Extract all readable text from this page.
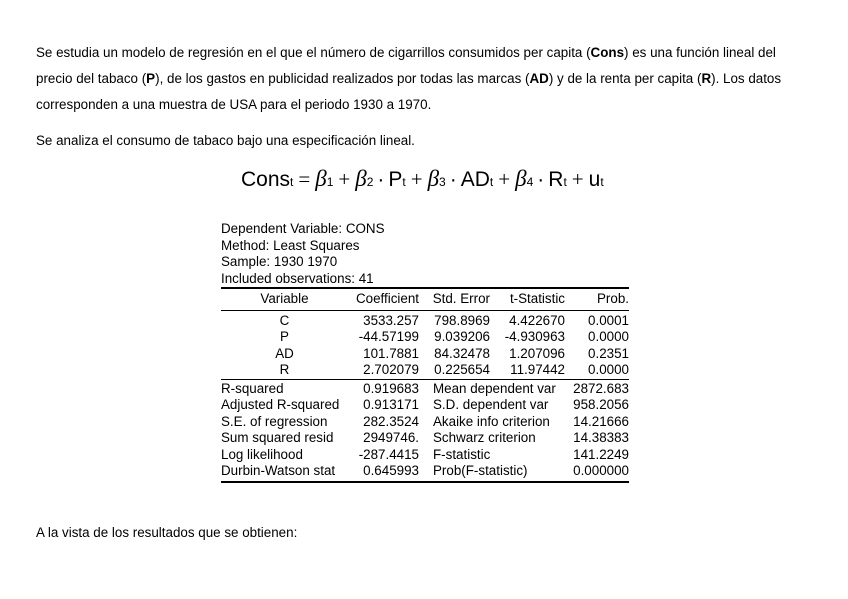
Se estudia un modelo de regresión en el que el número de cigarrillos consumidos per capita (Cons) es una función lineal del precio del tabaco (P), de los gastos en publicidad realizados por todas las marcas (AD) y de la renta per capita (R). Los datos corresponden a una muestra de USA para el periodo 1930 a 1970.

Se analiza el consumo de tabaco bajo una especificación lineal.

Cons t = β 1 + β 2 · P t + β 3 · AD t + β 4 · R t + u t
Dependent Variable: CONS
Method: Least Squares
Sample: 1930 1970
Included observations: 41
Variable	Coefficient	Std. Error	t-Statistic	Prob.
C	3533.257	798.8969	4.422670	0.0001
P	-44.57199	9.039206	-4.930963	0.0000
AD	101.7881	84.32478	1.207096	0.2351
R	2.702079	0.225654	11.97442	0.0000
R-squared	0.919683	Mean dependent var	2872.683
Adjusted R-squared	0.913171	S.D. dependent var	958.2056
S.E. of regression	282.3524	Akaike info criterion	14.21666
Sum squared resid	2949746.	Schwarz criterion	14.38383
Log likelihood	-287.4415	F-statistic	141.2249
Durbin-Watson stat	0.645993	Prob(F-statistic)	0.000000

A la vista de los resultados que se obtienen:
